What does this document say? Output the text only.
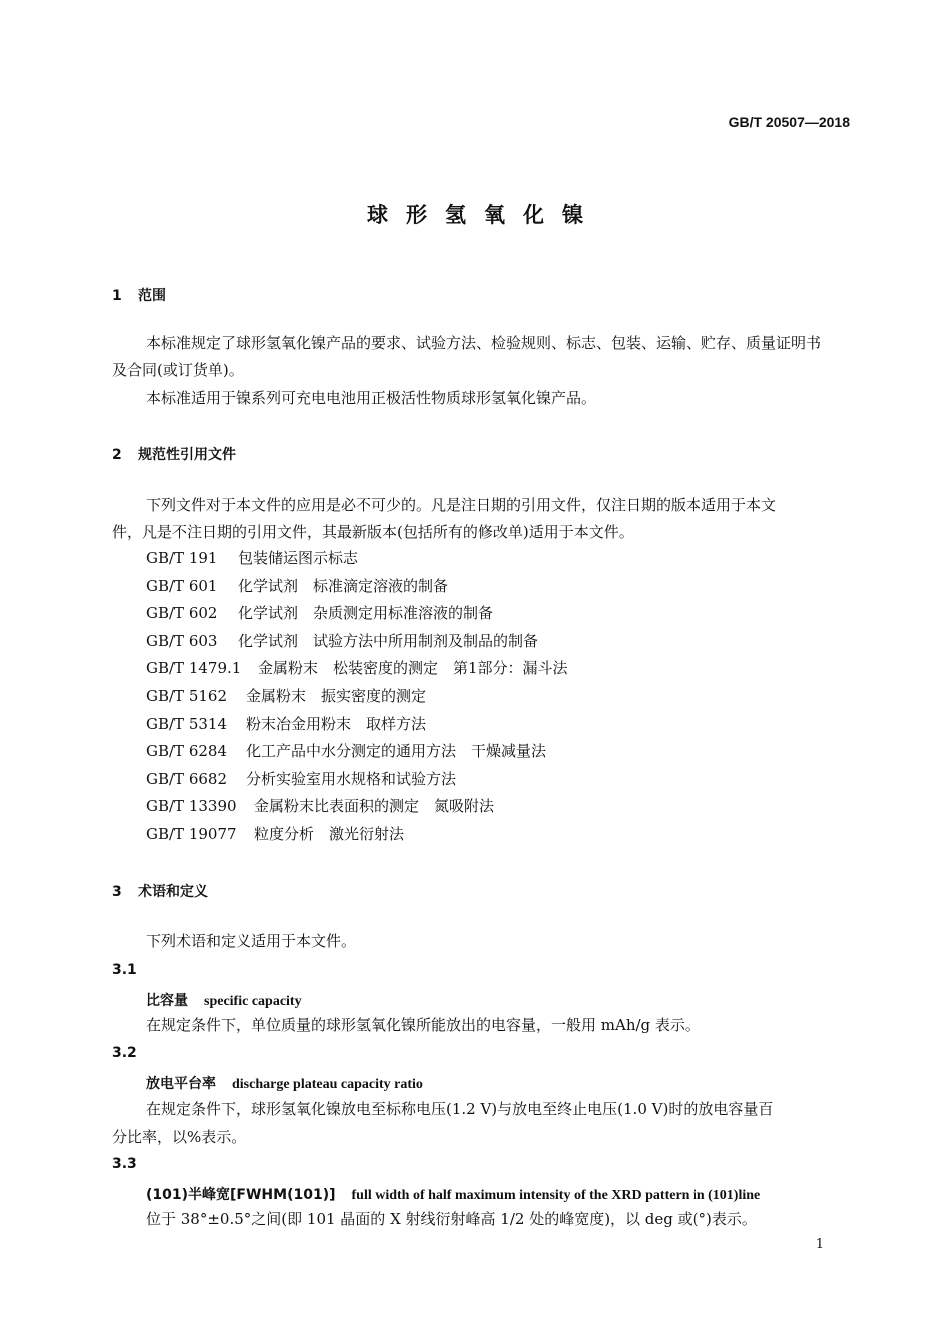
GB/T 20507—2018
球形氢氧化镍
1 范围
本标准规定了球形氢氧化镍产品的要求、试验方法、检验规则、标志、包装、运输、贮存、质量证明书
及合同(或订货单)。
本标准适用于镍系列可充电电池用正极活性物质球形氢氧化镍产品。
2 规范性引用文件
下列文件对于本文件的应用是必不可少的。凡是注日期的引用文件，仅注日期的版本适用于本文
件，凡是不注日期的引用文件，其最新版本(包括所有的修改单)适用于本文件。
GB/T 191 包装储运图示标志
GB/T 601 化学试剂　标准滴定溶液的制备
GB/T 602 化学试剂　杂质测定用标准溶液的制备
GB/T 603 化学试剂　试验方法中所用制剂及制品的制备
GB/T 1479.1 金属粉末　松装密度的测定　第1部分：漏斗法
GB/T 5162 金属粉末　振实密度的测定
GB/T 5314 粉末冶金用粉末　取样方法
GB/T 6284 化工产品中水分测定的通用方法　干燥减量法
GB/T 6682 分析实验室用水规格和试验方法
GB/T 13390 金属粉末比表面积的测定　氮吸附法
GB/T 19077 粒度分析　激光衍射法
3 术语和定义
下列术语和定义适用于本文件。
3.1
比容量 specific capacity
在规定条件下，单位质量的球形氢氧化镍所能放出的电容量，一般用 mAh/g 表示。
3.2
放电平台率 discharge plateau capacity ratio
在规定条件下，球形氢氧化镍放电至标称电压(1.2 V)与放电至终止电压(1.0 V)时的放电容量百
分比率，以%表示。
3.3
(101)半峰宽[FWHM(101)] full width of half maximum intensity of the XRD pattern in (101)line
位于 38°±0.5°之间(即 101 晶面的 X 射线衍射峰高 1/2 处的峰宽度)，以 deg 或(°)表示。
1
